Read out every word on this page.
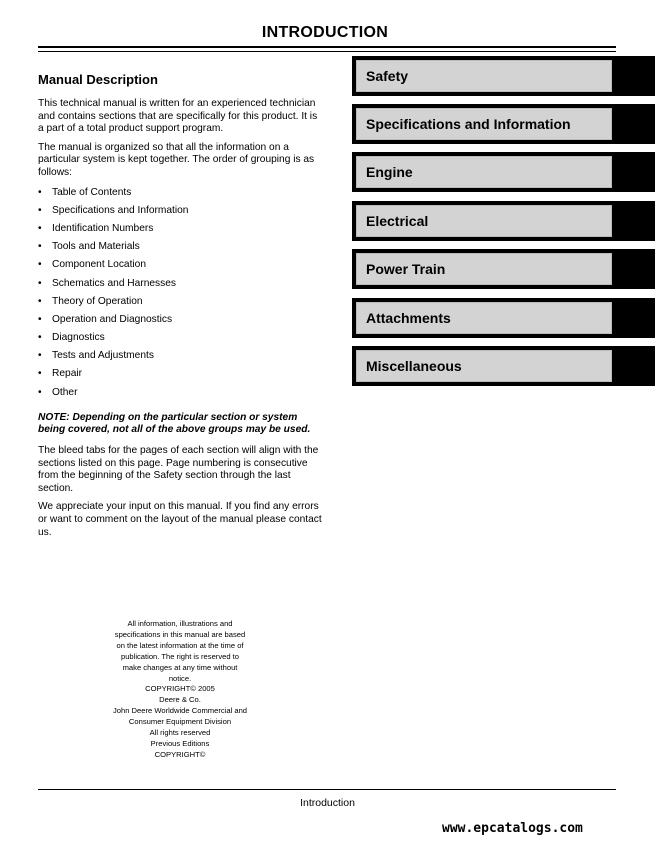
INTRODUCTION
Manual Description

This technical manual is written for an experienced technician and contains sections that are specifically for this product. It is a part of a total product support program.

The manual is organized so that all the information on a particular system is kept together. The order of grouping is as follows:

• Table of Contents
• Specifications and Information
• Identification Numbers
• Tools and Materials
• Component Location
• Schematics and Harnesses
• Theory of Operation
• Operation and Diagnostics
• Diagnostics
• Tests and Adjustments
• Repair
• Other

NOTE: Depending on the particular section or system being covered, not all of the above groups may be used.

The bleed tabs for the pages of each section will align with the sections listed on this page. Page numbering is consecutive from the beginning of the Safety section through the last section.

We appreciate your input on this manual. If you find any errors or want to comment on the layout of the manual please contact us.

Safety
Specifications and Information
Engine
Electrical
Power Train
Attachments
Miscellaneous
All information, illustrations and
specifications in this manual are based
on the latest information at the time of
publication. The right is reserved to
make changes at any time without
notice.
COPYRIGHT© 2005
Deere & Co.
John Deere Worldwide Commercial and
Consumer Equipment Division
All rights reserved
Previous Editions
COPYRIGHT©
Introduction
www.epcatalogs.com
